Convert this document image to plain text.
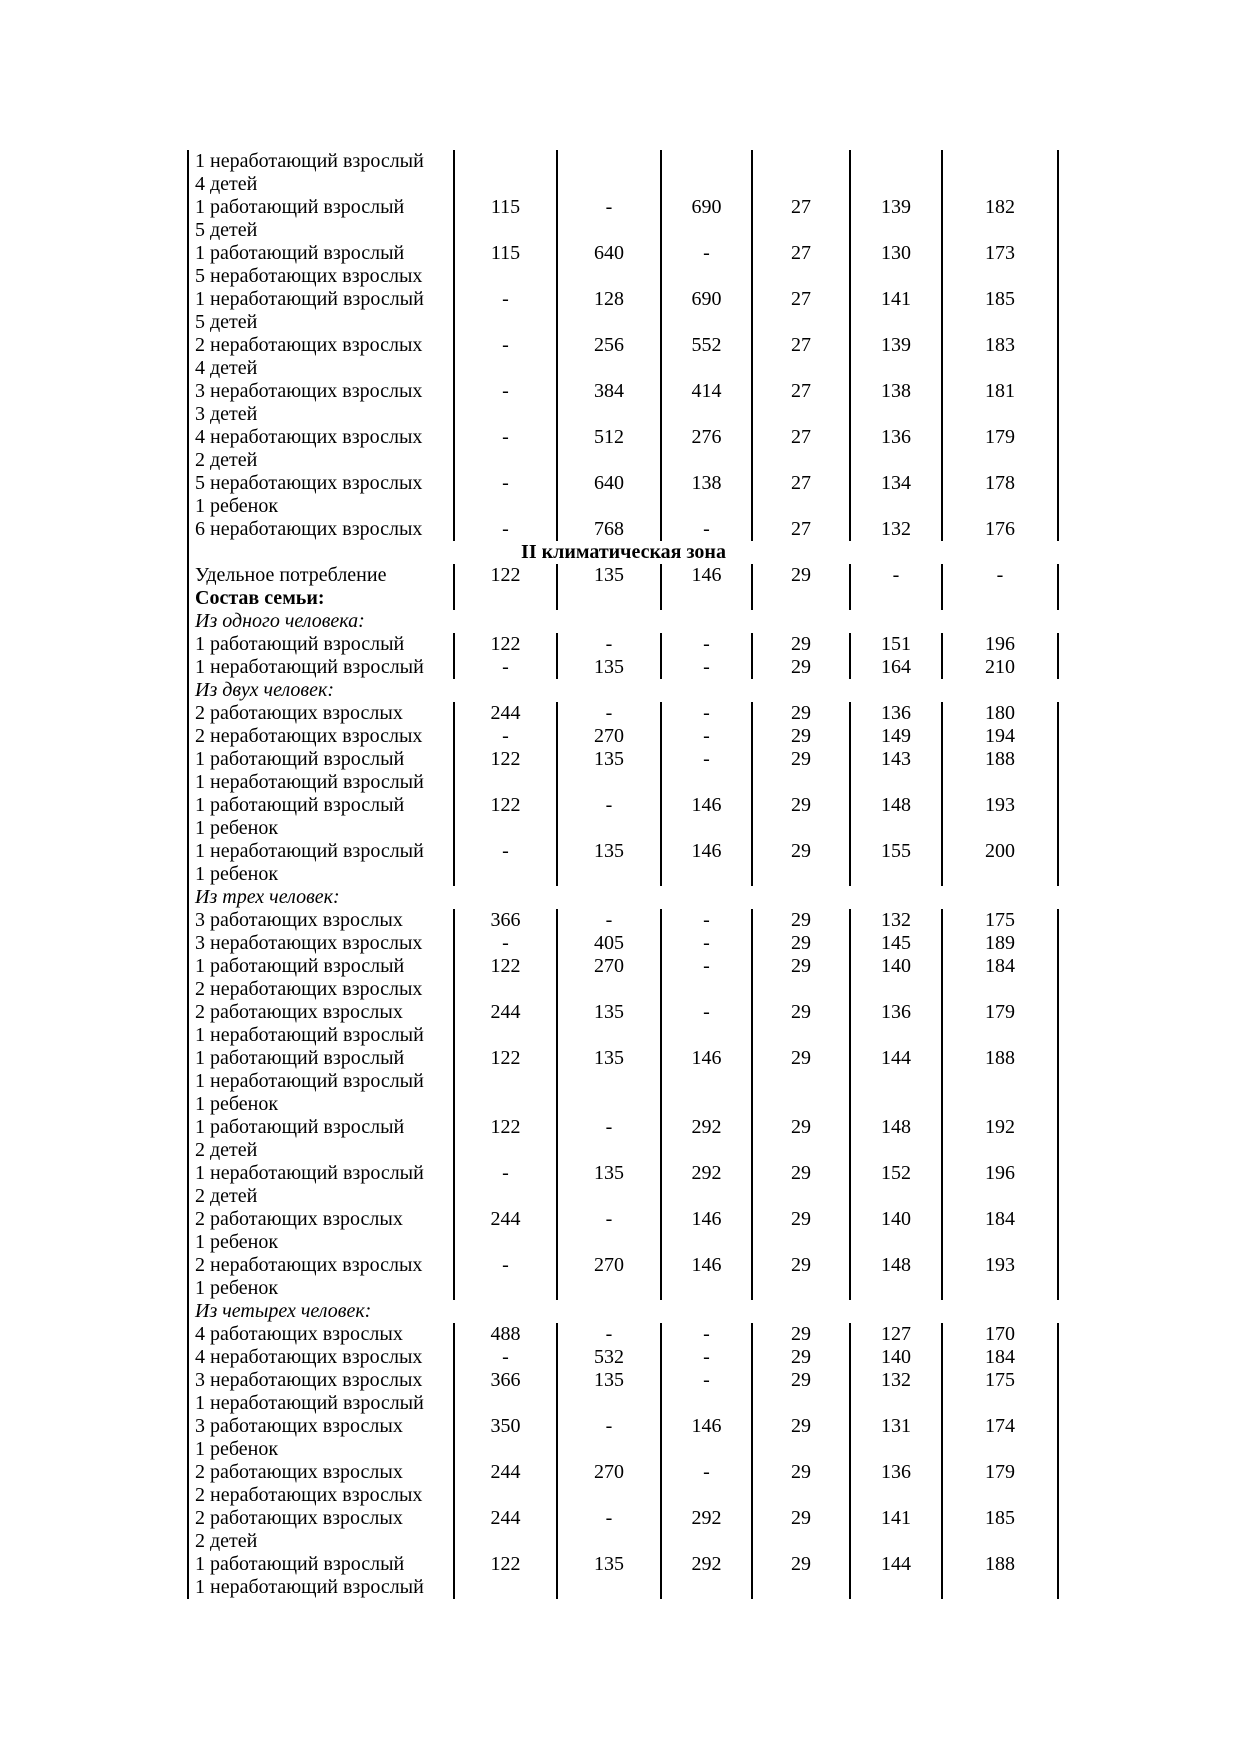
1 неработающий взрослый
4 детей						

1 работающий взрослый
5 детей	115	-	690	27	139	182

1 работающий взрослый
5 неработающих взрослых	115	640	-	27	130	173

1 неработающий взрослый
5 детей	-	128	690	27	141	185

2 неработающих взрослых
4 детей	-	256	552	27	139	183

3 неработающих взрослых
3 детей	-	384	414	27	138	181

4 неработающих взрослых
2 детей	-	512	276	27	136	179

5 неработающих взрослых
1 ребенок	-	640	138	27	134	178

6 неработающих взрослых	-	768	-	27	132	176
II климатическая зона						

Удельное потребление	122	135	146	29	-	-
Состав семьи:						
Из одного человека:						

1 работающий взрослый	122	-	-	29	151	196

1 неработающий взрослый	-	135	-	29	164	210
Из двух человек:						

2 работающих взрослых	244	-	-	29	136	180

2 неработающих взрослых	-	270	-	29	149	194

1 работающий взрослый
1 неработающий взрослый	122	135	-	29	143	188

1 работающий взрослый
1 ребенок	122	-	146	29	148	193

1 неработающий взрослый
1 ребенок	-	135	146	29	155	200
Из трех человек:						

3 работающих взрослых	366	-	-	29	132	175

3 неработающих взрослых	-	405	-	29	145	189

1 работающий взрослый
2 неработающих взрослых	122	270	-	29	140	184

2 работающих взрослых
1 неработающий взрослый	244	135	-	29	136	179

1 работающий взрослый
1 неработающий взрослый
1 ребенок	122	135	146	29	144	188

1 работающий взрослый
2 детей	122	-	292	29	148	192

1 неработающий взрослый
2 детей	-	135	292	29	152	196

2 работающих взрослых
1 ребенок	244	-	146	29	140	184

2 неработающих взрослых
1 ребенок	-	270	146	29	148	193
Из четырех человек:						

4 работающих взрослых	488	-	-	29	127	170

4 неработающих взрослых	-	532	-	29	140	184

3 неработающих взрослых
1 неработающий взрослый	366	135	-	29	132	175

3 работающих взрослых
1 ребенок	350	-	146	29	131	174

2 работающих взрослых
2 неработающих взрослых	244	270	-	29	136	179

2 работающих взрослых
2 детей	244	-	292	29	141	185

1 работающий взрослый
1 неработающий взрослый	122	135	292	29	144	188
